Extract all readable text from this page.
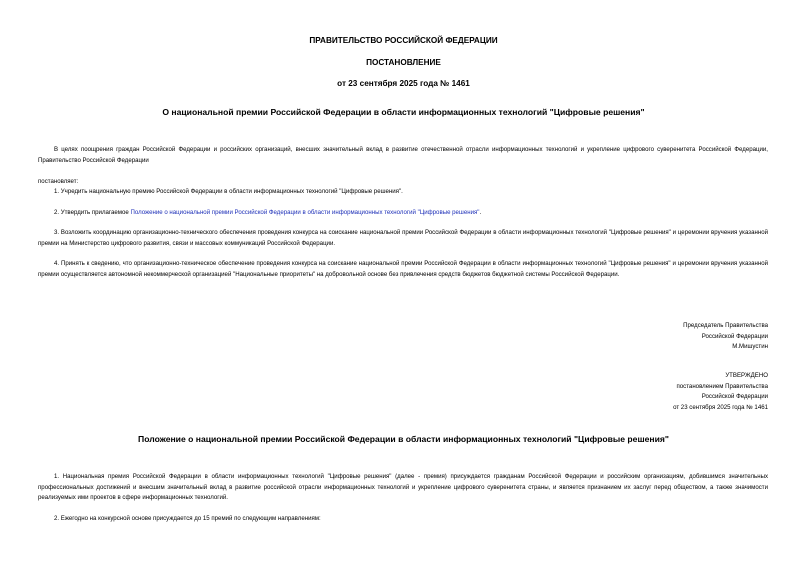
ПРАВИТЕЛЬСТВО РОССИЙСКОЙ ФЕДЕРАЦИИ
ПОСТАНОВЛЕНИЕ
от 23 сентября 2025 года № 1461
О национальной премии Российской Федерации в области информационных технологий "Цифровые решения"
В целях поощрения граждан Российской Федерации и российских организаций, внесших значительный вклад в развитие отечественной отрасли информационных технологий и укрепление цифрового суверенитета Российской Федерации, Правительство Российской Федерации
постановляет:
1. Учредить национальную премию Российской Федерации в области информационных технологий "Цифровые решения".
2. Утвердить прилагаемое Положение о национальной премии Российской Федерации в области информационных технологий "Цифровые решения".
3. Возложить координацию организационно-технического обеспечения проведения конкурса на соискание национальной премии Российской Федерации в области информационных технологий "Цифровые решения" и церемонии вручения указанной премии на Министерство цифрового развития, связи и массовых коммуникаций Российской Федерации.
4. Принять к сведению, что организационно-техническое обеспечение проведения конкурса на соискание национальной премии Российской Федерации в области информационных технологий "Цифровые решения" и церемонии вручения указанной премии осуществляется автономной некоммерческой организацией "Национальные приоритеты" на добровольной основе без привлечения средств бюджетов бюджетной системы Российской Федерации.
Председатель Правительства
Российской Федерации
М.Мишустин
УТВЕРЖДЕНО
постановлением Правительства
Российской Федерации
от 23 сентября 2025 года № 1461
Положение о национальной премии Российской Федерации в области информационных технологий "Цифровые решения"
1. Национальная премия Российской Федерации в области информационных технологий "Цифровые решения" (далее - премия) присуждается гражданам Российской Федерации и российским организациям, добившимся значительных профессиональных достижений и внесшим значительный вклад в развитие российской отрасли информационных технологий и укрепление цифрового суверенитета страны, и является признанием их заслуг перед обществом, а также значимости реализуемых ими проектов в сфере информационных технологий.
2. Ежегодно на конкурсной основе присуждается до 15 премий по следующим направлениям:
